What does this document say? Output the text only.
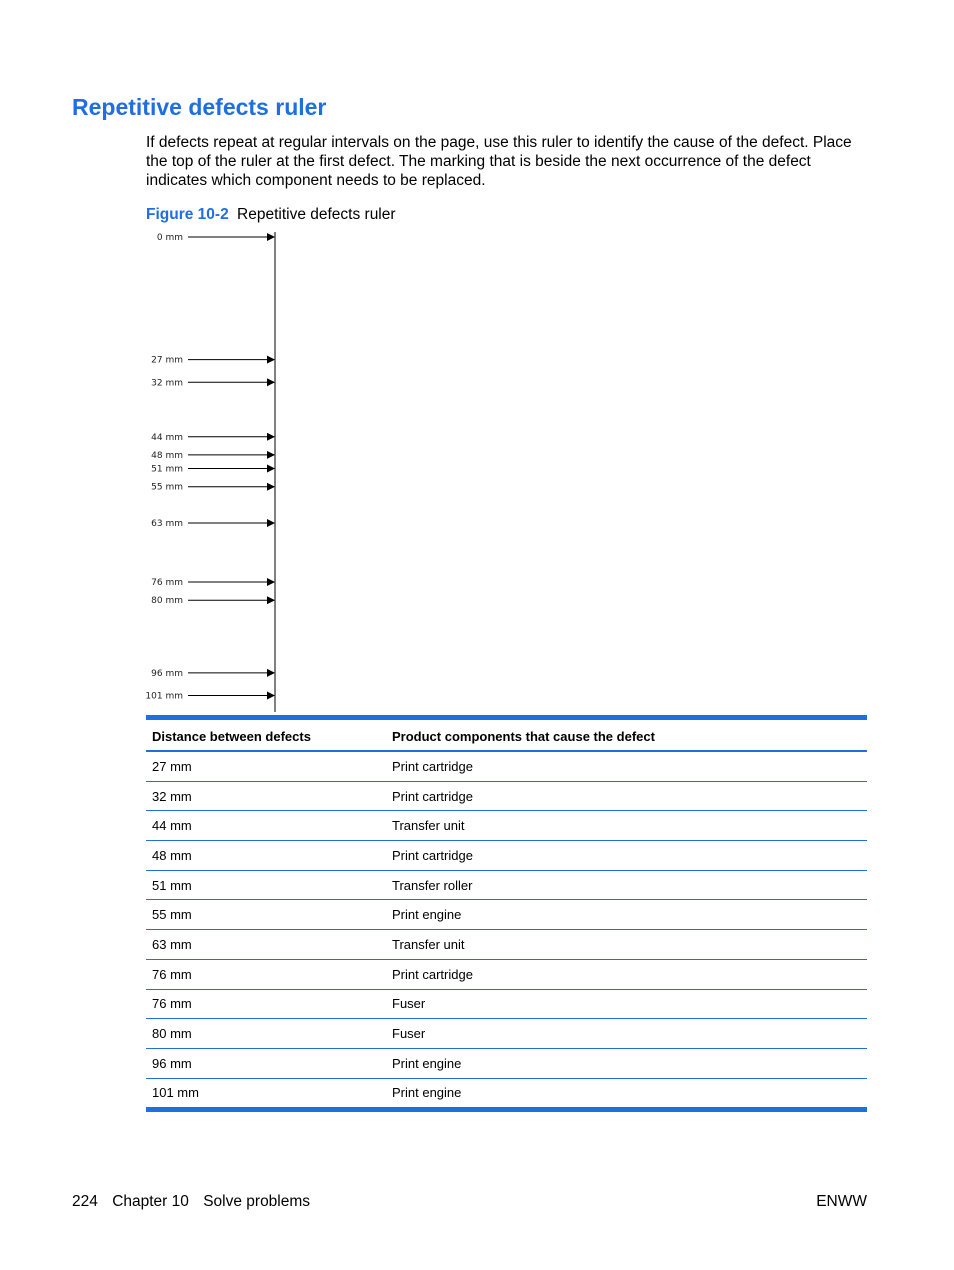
Repetitive defects ruler

If defects repeat at regular intervals on the page, use this ruler to identify the cause of the defect. Place the top of the ruler at the first defect. The marking that is beside the next occurrence of the defect indicates which component needs to be replaced.

Figure 10-2 Repetitive defects ruler

0 mm
27 mm
32 mm
44 mm
48 mm
51 mm
55 mm
63 mm
76 mm
80 mm
96 mm
101 mm
Distance between defects	Product components that cause the defect
27 mm	Print cartridge
32 mm	Print cartridge
44 mm	Transfer unit
48 mm	Print cartridge
51 mm	Transfer roller
55 mm	Print engine
63 mm	Transfer unit
76 mm	Print cartridge
76 mm	Fuser
80 mm	Fuser
96 mm	Print engine
101 mm	Print engine
224 Chapter 10 Solve problems	ENWW
